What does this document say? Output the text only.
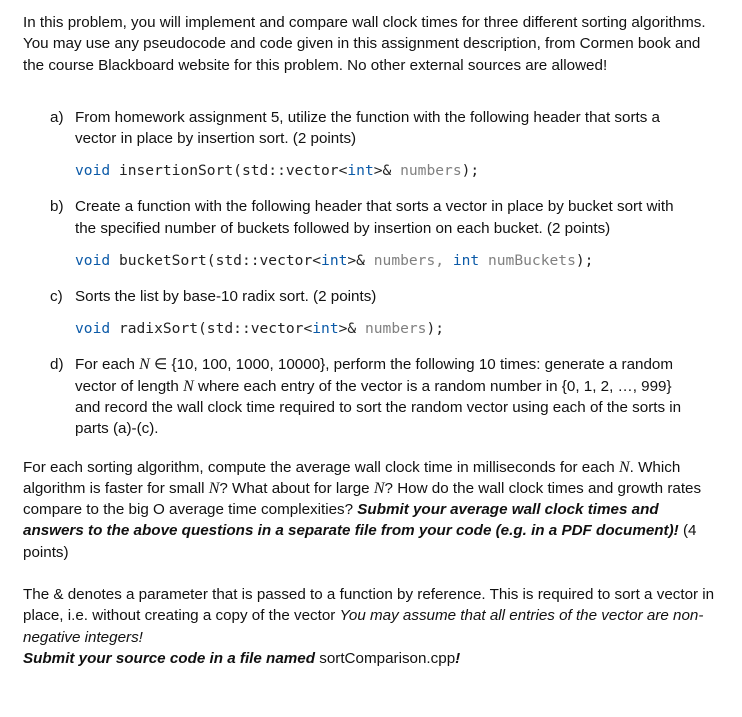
In this problem, you will implement and compare wall clock times for three different sorting algorithms. You may use any pseudocode and code given in this assignment description, from Cormen book and the course Blackboard website for this problem. No other external sources are allowed!

a) From homework assignment 5, utilize the function with the following header that sorts a vector in place by insertion sort. (2 points)

void insertionSort(std::vector<int>& numbers);
b) Create a function with the following header that sorts a vector in place by bucket sort with the specified number of buckets followed by insertion on each bucket. (2 points)

void bucketSort(std::vector<int>& numbers, int numBuckets);
c) Sorts the list by base-10 radix sort. (2 points)

void radixSort(std::vector<int>& numbers);
d) For each N ∈ {10, 100, 1000, 10000}, perform the following 10 times: generate a random vector of length N where each entry of the vector is a random number in {0, 1, 2, …, 999} and record the wall clock time required to sort the random vector using each of the sorts in parts (a)-(c).

For each sorting algorithm, compute the average wall clock time in milliseconds for each N. Which algorithm is faster for small N? What about for large N? How do the wall clock times and growth rates compare to the big O average time complexities? Submit your average wall clock times and answers to the above questions in a separate file from your code (e.g. in a PDF document)! (4 points)

The & denotes a parameter that is passed to a function by reference. This is required to sort a vector in place, i.e. without creating a copy of the vector You may assume that all entries of the vector are non-negative integers!
Submit your source code in a file named sortComparison.cpp!
